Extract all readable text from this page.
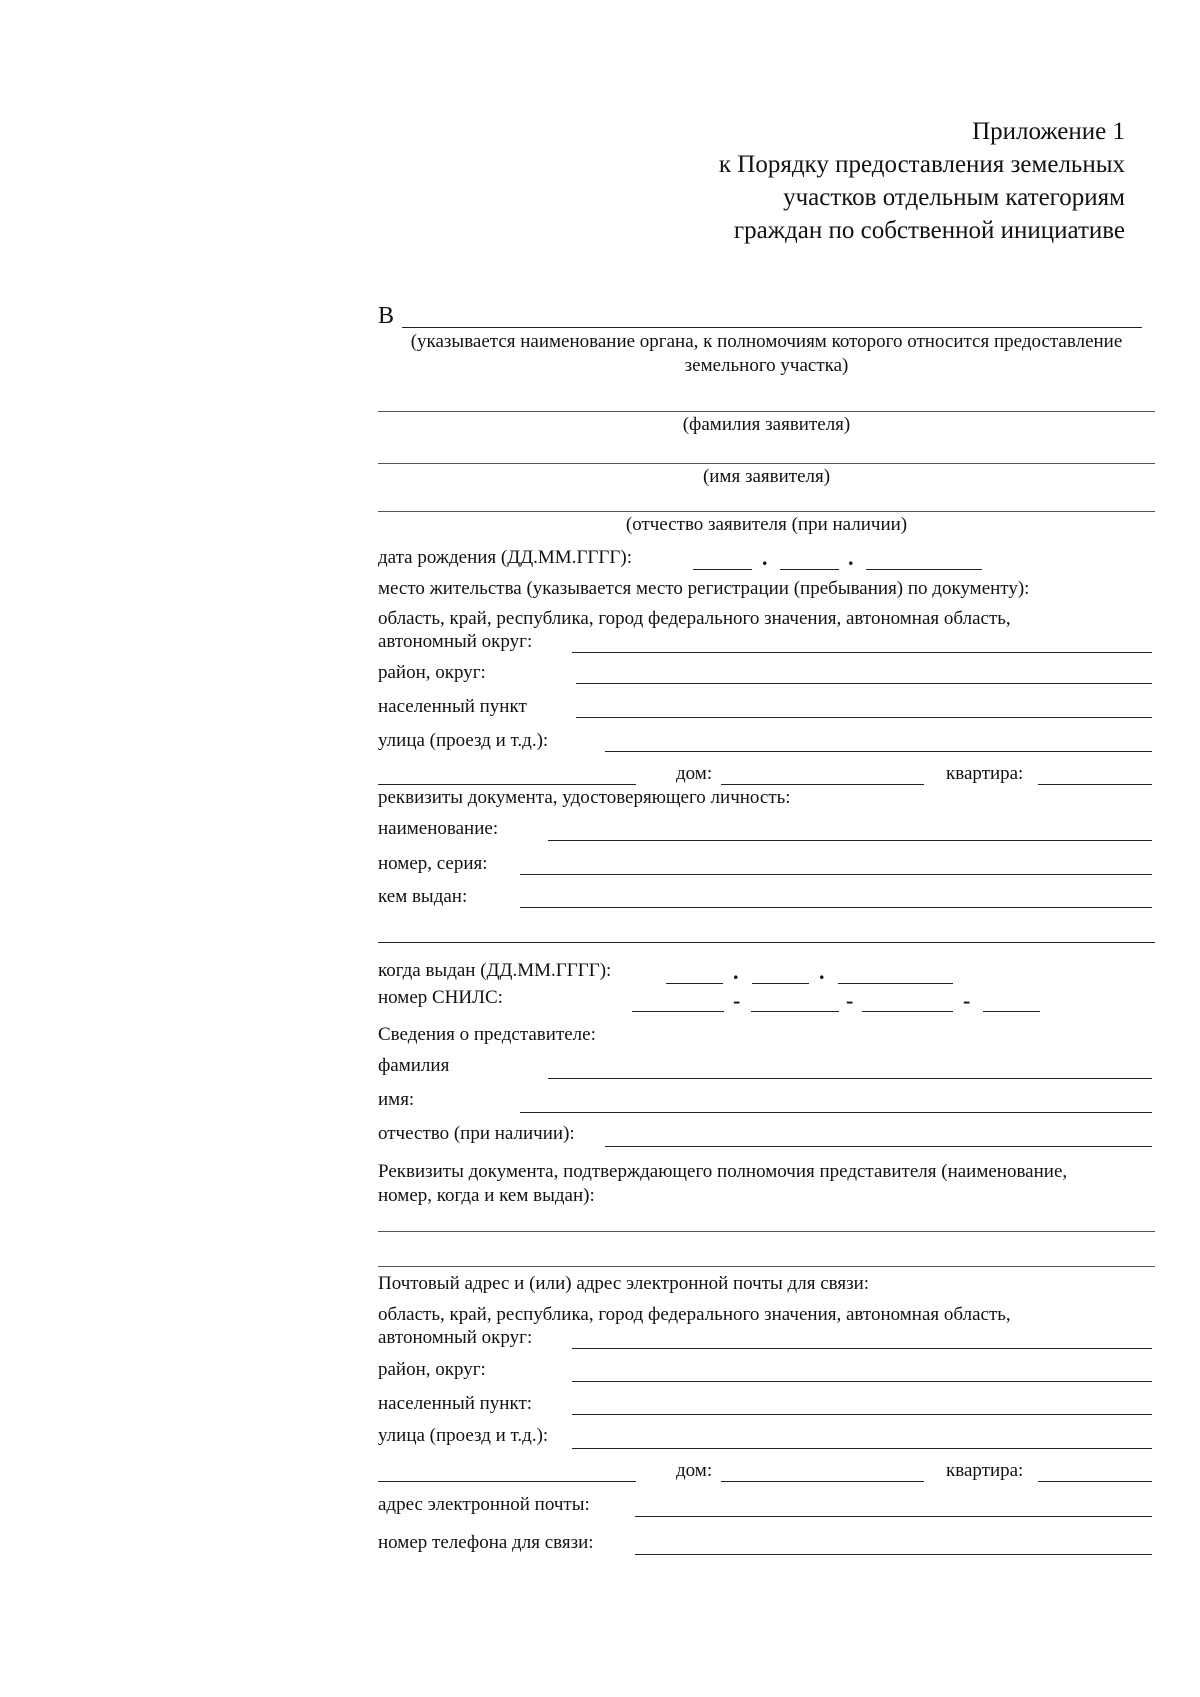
Приложение 1
к Порядку предоставления земельных
участков отдельным категориям
граждан по собственной инициативе
В
(указывается наименование органа, к полномочиям которого относится предоставление земельного участка)
(фамилия заявителя)
(имя заявителя)
(отчество заявителя (при наличии)
дата рождения (ДД.ММ.ГГГГ):	.	.
место жительства (указывается место регистрации (пребывания) по документу):
область, край, республика, город федерального значения, автономная область,
автономный округ:
район, округ:
населенный пункт
улица (проезд и т.д.):
дом:	квартира:
реквизиты документа, удостоверяющего личность:
наименование:
номер, серия:
кем выдан:
когда выдан (ДД.ММ.ГГГГ):	.	.
номер СНИЛС:	-	-	-
Сведения о представителе:
фамилия
имя:
отчество (при наличии):
Реквизиты документа, подтверждающего полномочия представителя (наименование,
номер, когда и кем выдан):
Почтовый адрес и (или) адрес электронной почты для связи:
область, край, республика, город федерального значения, автономная область,
автономный округ:
район, округ:
населенный пункт:
улица (проезд и т.д.):
дом:	квартира:
адрес электронной почты:
номер телефона для связи:
